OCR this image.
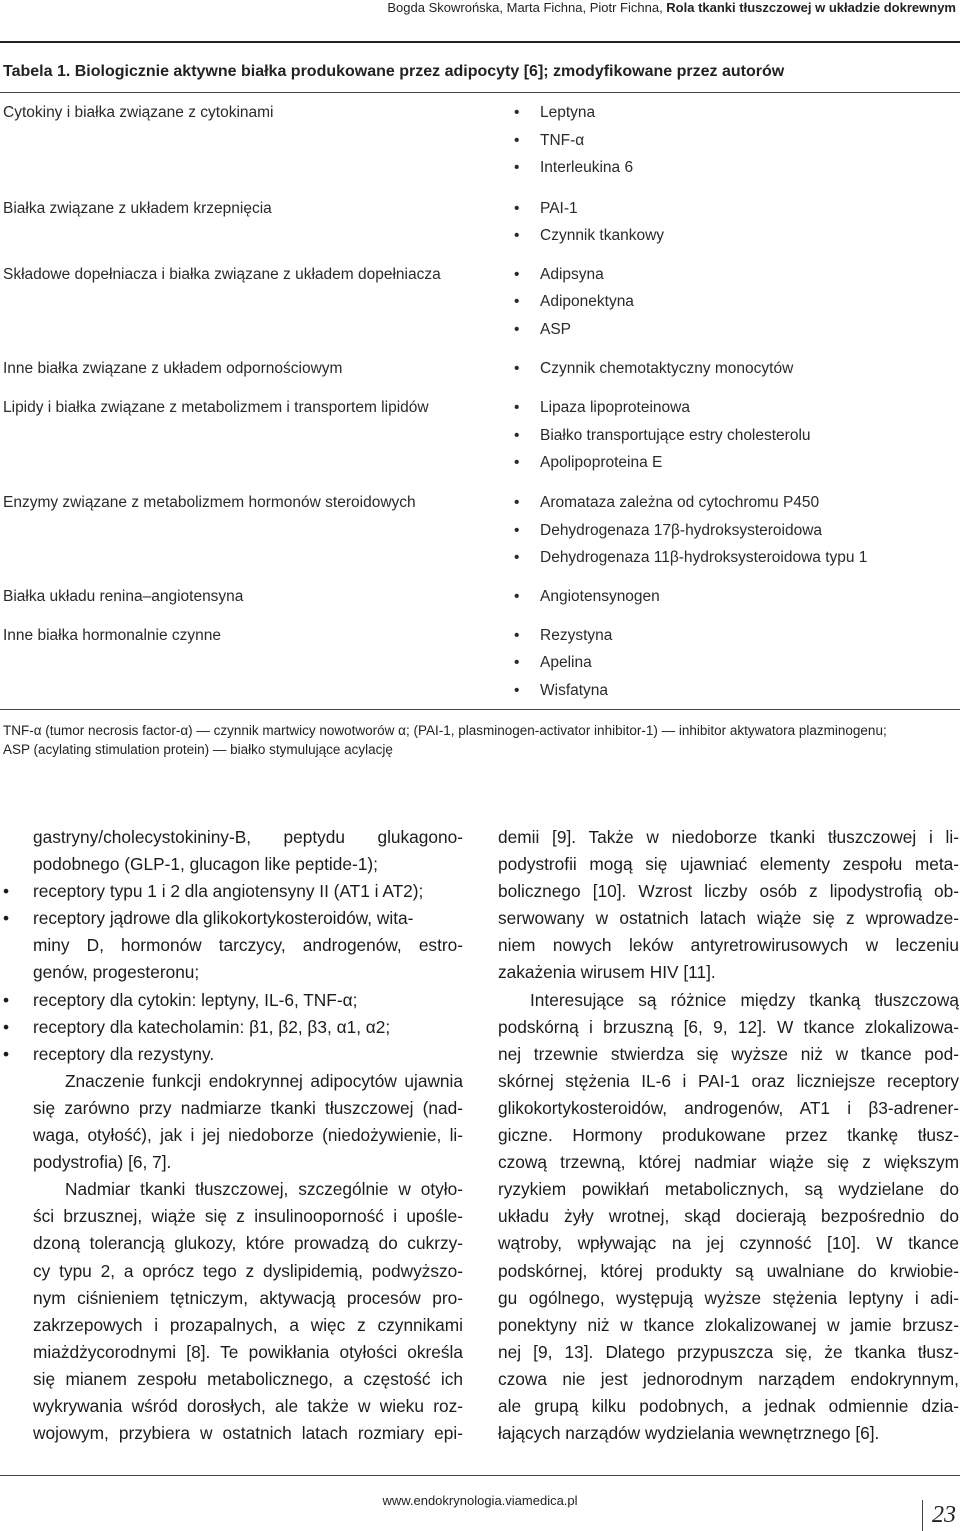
Bogda Skowrońska, Marta Fichna, Piotr Fichna, Rola tkanki tłuszczowej w układzie dokrewnym
Tabela 1. Biologicznie aktywne białka produkowane przez adipocyty [6]; zmodyfikowane przez autorów
Cytokiny i białka związane z cytokinami	• Leptyna
• TNF-α
• Interleukina 6
Białka związane z układem krzepnięcia	• PAI-1
• Czynnik tkankowy
Składowe dopełniacza i białka związane z układem dopełniacza	• Adipsyna
• Adiponektyna
• ASP
Inne białka związane z układem odpornościowym	• Czynnik chemotaktyczny monocytów
Lipidy i białka związane z metabolizmem i transportem lipidów	• Lipaza lipoproteinowa
• Białko transportujące estry cholesterolu
• Apolipoproteina E
Enzymy związane z metabolizmem hormonów steroidowych	• Aromataza zależna od cytochromu P450
• Dehydrogenaza 17β-hydroksysteroidowa
• Dehydrogenaza 11β-hydroksysteroidowa typu 1
Białka układu renina–angiotensyna	• Angiotensynogen
Inne białka hormonalnie czynne	• Rezystyna
• Apelina
• Wisfatyna
TNF-α (tumor necrosis factor-α) — czynnik martwicy nowotworów α; (PAI-1, plasminogen-activator inhibitor-1) — inhibitor aktywatora plazminogenu;
ASP (acylating stimulation protein) — białko stymulujące acylację

gastryny/cholecystokininy-B, peptydu glukagono-

podobnego (GLP-1, glucagon like peptide-1);

• receptory typu 1 i 2 dla angiotensyny II (AT1 i AT2);

• receptory jądrowe dla glikokortykosteroidów, wita-

miny D, hormonów tarczycy, androgenów, estro-

genów, progesteronu;

• receptory dla cytokin: leptyny, IL-6, TNF-α;

• receptory dla katecholamin: β1, β2, β3, α1, α2;

• receptory dla rezystyny.

Znaczenie funkcji endokrynnej adipocytów ujawnia

się zarówno przy nadmiarze tkanki tłuszczowej (nad-

waga, otyłość), jak i jej niedoborze (niedożywienie, li-

podystrofia) [6, 7].

Nadmiar tkanki tłuszczowej, szczególnie w otyło-

ści brzusznej, wiąże się z insulinooporność i upośle-

dzoną tolerancją glukozy, które prowadzą do cukrzy-

cy typu 2, a oprócz tego z dyslipidemią, podwyższo-

nym ciśnieniem tętniczym, aktywacją procesów pro-

zakrzepowych i prozapalnych, a więc z czynnikami

miażdżycorodnymi [8]. Te powikłania otyłości określa

się mianem zespołu metabolicznego, a częstość ich

wykrywania wśród dorosłych, ale także w wieku roz-

wojowym, przybiera w ostatnich latach rozmiary epi-

demii [9]. Także w niedoborze tkanki tłuszczowej i li-

podystrofii mogą się ujawniać elementy zespołu meta-

bolicznego [10]. Wzrost liczby osób z lipodystrofią ob-

serwowany w ostatnich latach wiąże się z wprowadze-

niem nowych leków antyretrowirusowych w leczeniu

zakażenia wirusem HIV [11].

Interesujące są różnice między tkanką tłuszczową

podskórną i brzuszną [6, 9, 12]. W tkance zlokalizowa-

nej trzewnie stwierdza się wyższe niż w tkance pod-

skórnej stężenia IL-6 i PAI-1 oraz liczniejsze receptory

glikokortykosteroidów, androgenów, AT1 i β3-adrener-

giczne. Hormony produkowane przez tkankę tłusz-

czową trzewną, której nadmiar wiąże się z większym

ryzykiem powikłań metabolicznych, są wydzielane do

układu żyły wrotnej, skąd docierają bezpośrednio do

wątroby, wpływając na jej czynność [10]. W tkance

podskórnej, której produkty są uwalniane do krwiobie-

gu ogólnego, występują wyższe stężenia leptyny i adi-

ponektyny niż w tkance zlokalizowanej w jamie brzusz-

nej [9, 13]. Dlatego przypuszcza się, że tkanka tłusz-

czowa nie jest jednorodnym narządem endokrynnym,

ale grupą kilku podobnych, a jednak odmiennie dzia-

łających narządów wydzielania wewnętrznego [6].

www.endokrynologia.viamedica.pl
23
